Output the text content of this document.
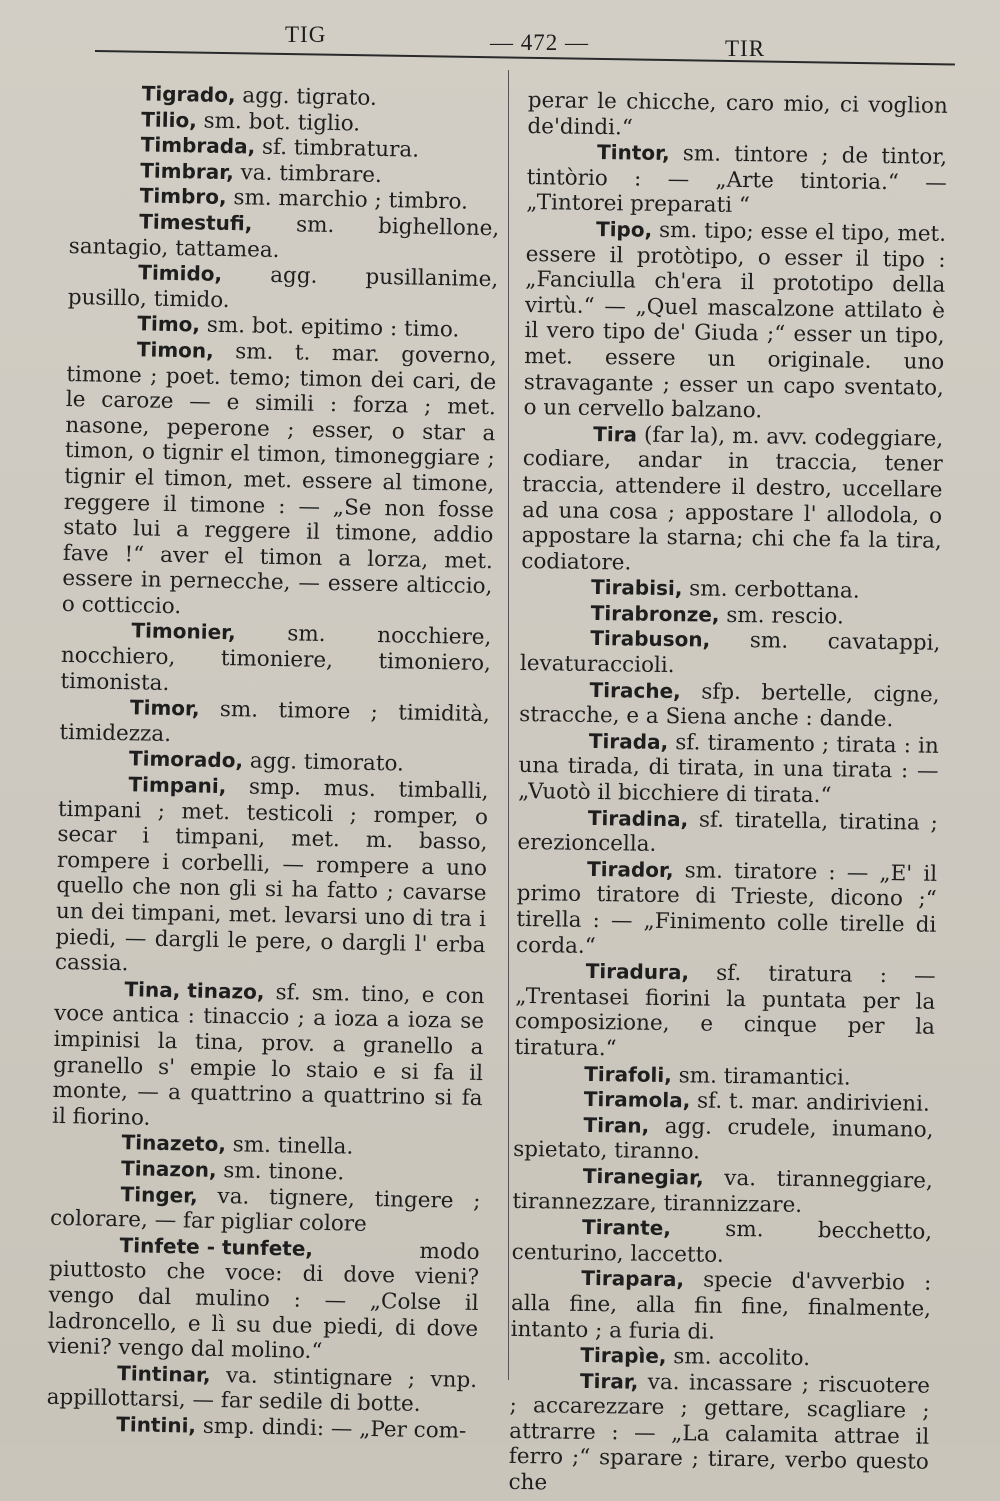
TIG	— 472 —	TIR
Tigrado, agg. tigrato.
Tilio, sm. bot. tiglio.
Timbrada, sf. timbratura.
Timbrar, va. timbrare.
Timbro, sm. marchio ; timbro.
Timestufi, sm. bighellone, santagio, tattamea.
Timido, agg. pusillanime, pusillo, timido.
Timo, sm. bot. epitimo : timo.
Timon, sm. t. mar. governo, timone ; poet. temo; timon dei cari, de le caroze — e simili : forza ; met. nasone, peperone ; esser, o star a timon, o tignir el timon, timoneggiare ; tignir el timon, met. essere al timone, reggere il timone : — „Se non fosse stato lui a reggere il timone, addio fave !“ aver el timon a lorza, met. essere in pernecche, — essere alticcio, o cotticcio.
Timonier, sm. nocchiere, nocchiero, timoniere, timoniero, timonista.
Timor, sm. timore ; timidità, timidezza.
Timorado, agg. timorato.
Timpani, smp. mus. timballi, timpani ; met. testicoli ; romper, o secar i timpani, met. m. basso, rompere i corbelli, — rompere a uno quello che non gli si ha fatto ; cavarse un dei timpani, met. levarsi uno di tra i piedi, — dargli le pere, o dargli l' erba cassia.
Tina, tinazo, sf. sm. tino, e con voce antica : tinaccio ; a ioza a ioza se impinisi la tina, prov. a granello a granello s' empie lo staio e si fa il monte, — a quattrino a quattrino si fa il fiorino.
Tinazeto, sm. tinella.
Tinazon, sm. tinone.
Tinger, va. tignere, tingere ; colorare, — far pigliar colore
Tinfete - tunfete, modo piuttosto che voce: di dove vieni? vengo dal mulino : — „Colse il ladroncello, e lì su due piedi, di dove vieni? vengo dal molino.“
Tintinar, va. stintignare ; vnp. appillottarsi, — far sedile di botte.
Tintini, smp. dindi: — „Per com-
perar le chicche, caro mio, ci voglion de'dindi.“
Tintor, sm. tintore ; de tintor, tintòrio : — „Arte tintoria.“ — „Tintorei preparati “
Tipo, sm. tipo; esse el tipo, met. essere il protòtipo, o esser il tipo : „Fanciulla ch'era il prototipo della virtù.“ — „Quel mascalzone attilato è il vero tipo de' Giuda ;“ esser un tipo, met. essere un originale. uno stravagante ; esser un capo sventato, o un cervello balzano.
Tira (far la), m. avv. codeggiare, codiare, andar in traccia, tener traccia, attendere il destro, uccellare ad una cosa ; appostare l' allodola, o appostare la starna; chi che fa la tira, codiatore.
Tirabisi, sm. cerbottana.
Tirabronze, sm. rescio.
Tirabuson, sm. cavatappi, levaturaccioli.
Tirache, sfp. bertelle, cigne, stracche, e a Siena anche : dande.
Tirada, sf. tiramento ; tirata : in una tirada, di tirata, in una tirata : — „Vuotò il bicchiere di tirata.“
Tiradina, sf. tiratella, tiratina ; erezioncella.
Tirador, sm. tiratore : — „E' il primo tiratore di Trieste, dicono ;“ tirella : — „Finimento colle tirelle di corda.“
Tiradura, sf. tiratura : — „Trentasei fiorini la puntata per la composizione, e cinque per la tiratura.“
Tirafoli, sm. tiramantici.
Tiramola, sf. t. mar. andirivieni.
Tiran, agg. crudele, inumano, spietato, tiranno.
Tiranegiar, va. tiranneggiare, tirannezzare, tirannizzare.
Tirante, sm. becchetto, centurino, laccetto.
Tirapara, specie d'avverbio : alla fine, alla fin fine, finalmente, intanto ; a furia di.
Tirapìe, sm. accolito.
Tirar, va. incassare ; riscuotere ; accarezzare ; gettare, scagliare ; attrarre : — „La calamita attrae il ferro ;“ sparare ; tirare, verbo questo che
